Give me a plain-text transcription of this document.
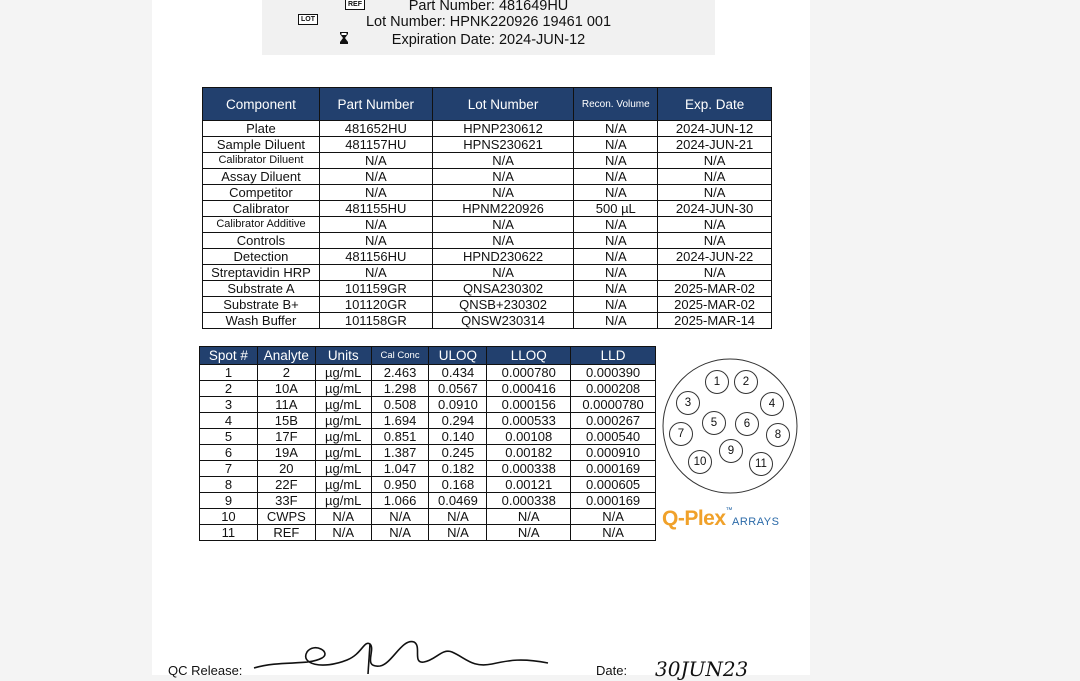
Part Number: 481649HU
Lot Number: HPNK220926 19461 001
Expiration Date: 2024-JUN-12
REF
LOT
Component	Part Number	Lot Number	Recon. Volume	Exp. Date
Plate	481652HU	HPNP230612	N/A	2024-JUN-12
Sample Diluent	481157HU	HPNS230621	N/A	2024-JUN-21
Calibrator Diluent	N/A	N/A	N/A	N/A
Assay Diluent	N/A	N/A	N/A	N/A
Competitor	N/A	N/A	N/A	N/A
Calibrator	481155HU	HPNM220926	500 µL	2024-JUN-30
Calibrator Additive	N/A	N/A	N/A	N/A
Controls	N/A	N/A	N/A	N/A
Detection	481156HU	HPND230622	N/A	2024-JUN-22
Streptavidin HRP	N/A	N/A	N/A	N/A
Substrate A	101159GR	QNSA230302	N/A	2025-MAR-02
Substrate B+	101120GR	QNSB+230302	N/A	2025-MAR-02
Wash Buffer	101158GR	QNSW230314	N/A	2025-MAR-14
Spot #	Analyte	Units	Cal Conc	ULOQ	LLOQ	LLD
1	2	µg/mL	2.463	0.434	0.000780	0.000390
2	10A	µg/mL	1.298	0.0567	0.000416	0.000208
3	11A	µg/mL	0.508	0.0910	0.000156	0.0000780
4	15B	µg/mL	1.694	0.294	0.000533	0.000267
5	17F	µg/mL	0.851	0.140	0.00108	0.000540
6	19A	µg/mL	1.387	0.245	0.00182	0.000910
7	20	µg/mL	1.047	0.182	0.000338	0.000169
8	22F	µg/mL	0.950	0.168	0.00121	0.000605
9	33F	µg/mL	1.066	0.0469	0.000338	0.000169
10	CWPS	N/A	N/A	N/A	N/A	N/A
11	REF	N/A	N/A	N/A	N/A	N/A
1	2
3	4
5	6
7	8
9
10	11
Q-Plex™ARRAYS
QC Release:	Date: 30JUN23
